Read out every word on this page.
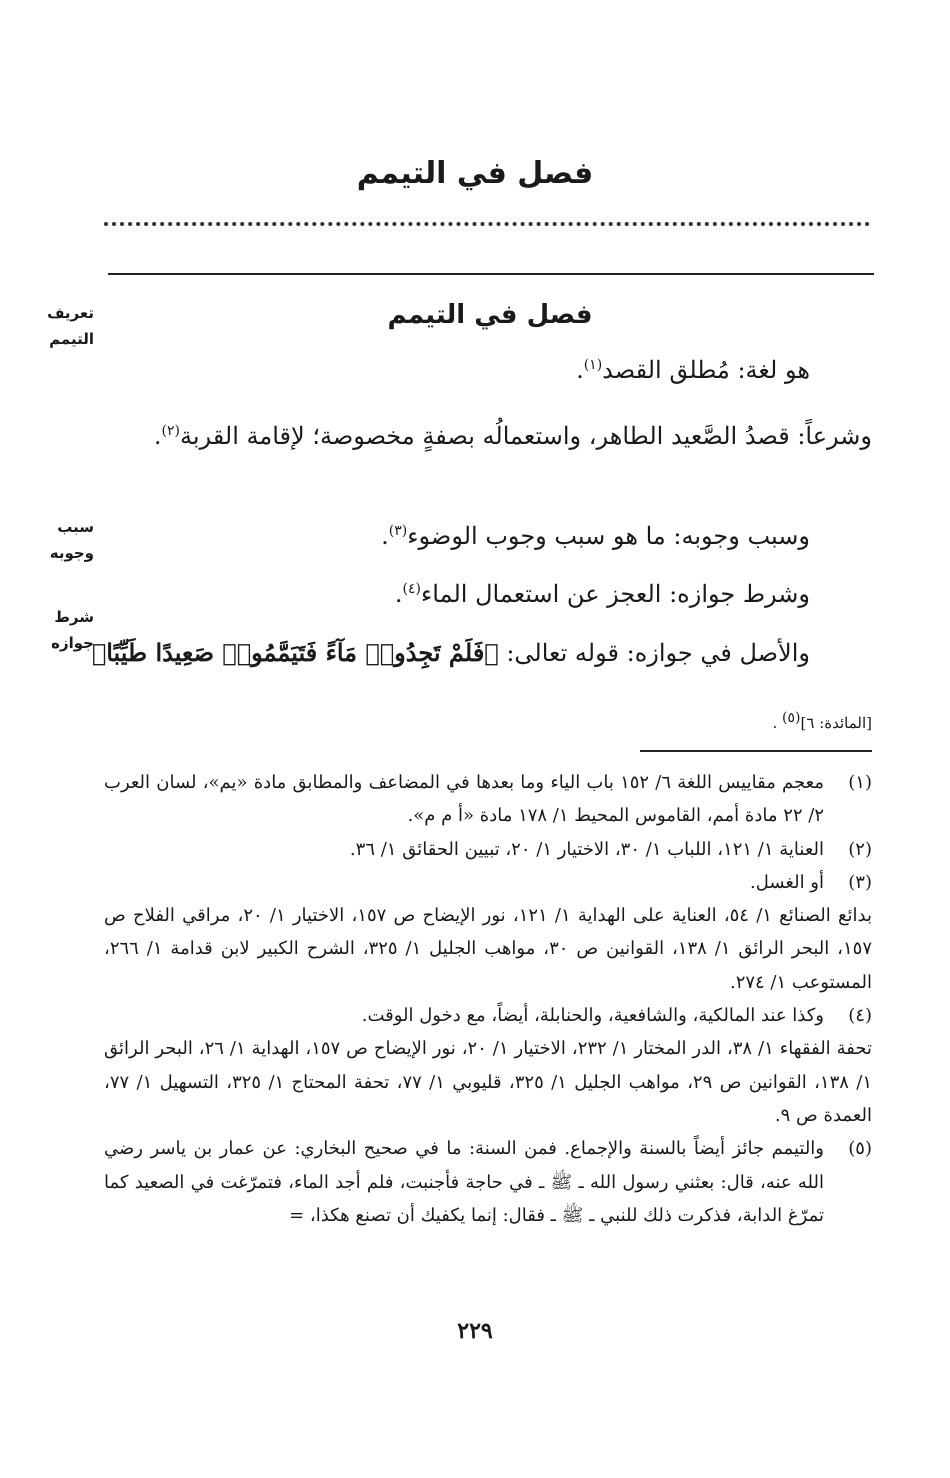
فصل في التيمم
فصل في التيمم
تعريف التيمم
سبب وجوبه
شرط جوازه
هو لغة: مُطلق القصد$^{(١)}$.
وشرعاً: قصدُ الصَّعيد الطاهر، واستعمالُه بصفةٍ مخصوصة؛ لإقامة القربة$^{(٢)}$.
وسبب وجوبه: ما هو سبب وجوب الوضوء$^{(٣)}$.
وشرط جوازه: العجز عن استعمال الماء$^{(٤)}$.
والأصل في جوازه: قوله تعالى: ﴿فَلَمْ تَجِدُوا۟ مَآءً فَتَيَمَّمُوا۟ صَعِيدًا طَيِّبًا﴾
[المائدة: ٦]$^{(٥)}$ .
(١)
معجم مقاييس اللغة ٦/ ١٥٢ باب الياء وما بعدها في المضاعف والمطابق مادة «يم»، لسان العرب ٢/ ٢٢ مادة أمم، القاموس المحيط ١/ ١٧٨ مادة «أ م م».
(٢)
العناية ١/ ١٢١، اللباب ١/ ٣٠، الاختيار ١/ ٢٠، تبيين الحقائق ١/ ٣٦.
(٣)
أو الغسل.
بدائع الصنائع ١/ ٥٤، العناية على الهداية ١/ ١٢١، نور الإيضاح ص ١٥٧، الاختيار ١/ ٢٠، مراقي الفلاح ص ١٥٧، البحر الرائق ١/ ١٣٨، القوانين ص ٣٠، مواهب الجليل ١/ ٣٢٥، الشرح الكبير لابن قدامة ١/ ٢٦٦، المستوعب ١/ ٢٧٤.
(٤)
وكذا عند المالكية، والشافعية، والحنابلة، أيضاً، مع دخول الوقت.
تحفة الفقهاء ١/ ٣٨، الدر المختار ١/ ٢٣٢، الاختيار ١/ ٢٠، نور الإيضاح ص ١٥٧، الهداية ١/ ٢٦، البحر الرائق ١/ ١٣٨، القوانين ص ٢٩، مواهب الجليل ١/ ٣٢٥، قليوبي ١/ ٧٧، تحفة المحتاج ١/ ٣٢٥، التسهيل ١/ ٧٧، العمدة ص ٩.
(٥)
والتيمم جائز أيضاً بالسنة والإجماع. فمن السنة: ما في صحيح البخاري: عن عمار بن ياسر رضي الله عنه، قال: بعثني رسول الله ـ ﷺ ـ في حاجة فأجنبت، فلم أجد الماء، فتمرّغت في الصعيد كما تمرّغ الدابة، فذكرت ذلك للنبي ـ ﷺ ـ فقال: إنما يكفيك أن تصنع هكذا، =
٢٢٩
